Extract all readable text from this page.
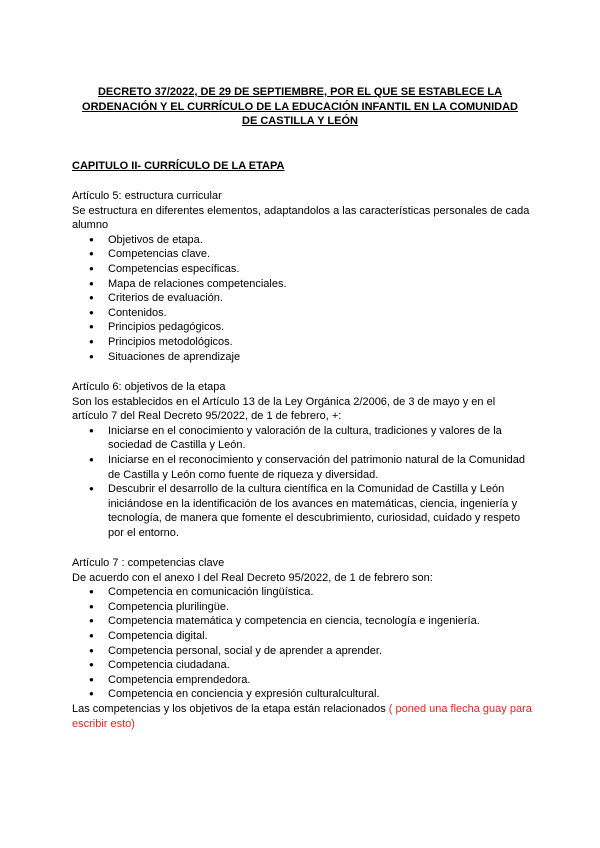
DECRETO 37/2022, DE 29 DE SEPTIEMBRE, POR EL QUE SE ESTABLECE LA
ORDENACIÓN Y EL CURRÍCULO DE LA EDUCACIÓN INFANTIL EN LA COMUNIDAD
DE CASTILLA Y LEÓN
CAPITULO II- CURRÍCULO DE LA ETAPA

Artículo 5: estructura curricular

Se estructura en diferentes elementos, adaptandolos a las características personales de cada alumno

● Objetivos de etapa.
● Competencias clave.
● Competencias específicas.
● Mapa de relaciones competenciales.
● Criterios de evaluación.
● Contenidos.
● Principios pedagógicos.
● Principios metodológicos.
● Situaciones de aprendizaje

Artículo 6: objetivos de la etapa

Son los establecidos en el Artículo 13 de la Ley Orgánica 2/2006, de 3 de mayo y en el artículo 7 del Real Decreto 95/2022, de 1 de febrero, +:

● Iniciarse en el conocimiento y valoración de la cultura, tradiciones y valores de la sociedad de Castilla y León.
● Iniciarse en el reconocimiento y conservación del patrimonio natural de la Comunidad de Castilla y León como fuente de riqueza y diversidad.
● Descubrir el desarrollo de la cultura científica en la Comunidad de Castilla y León iniciándose en la identificación de los avances en matemáticas, ciencia, ingeniería y tecnología, de manera que fomente el descubrimiento, curiosidad, cuidado y respeto por el entorno.

Artículo 7 : competencias clave

De acuerdo con el anexo I del Real Decreto 95/2022, de 1 de febrero son:

● Competencia en comunicación lingüística.
● Competencia plurilingüe.
● Competencia matemática y competencia en ciencia, tecnología e ingeniería.
● Competencia digital.
● Competencia personal, social y de aprender a aprender.
● Competencia ciudadana.
● Competencia emprendedora.
● Competencia en conciencia y expresión culturalcultural.

Las competencias y los objetivos de la etapa están relacionados ( poned una flecha guay para escribir esto)
